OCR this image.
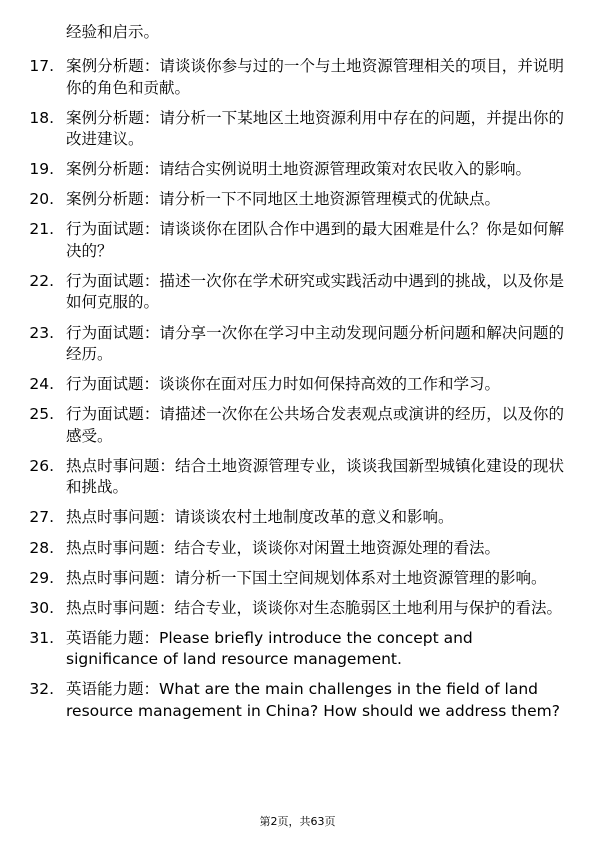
经验和启示。
17. 案例分析题：请谈谈你参与过的一个与土地资源管理相关的项目，并说明你的角色和贡献。
18. 案例分析题：请分析一下某地区土地资源利用中存在的问题，并提出你的改进建议。
19. 案例分析题：请结合实例说明土地资源管理政策对农民收入的影响。
20. 案例分析题：请分析一下不同地区土地资源管理模式的优缺点。
21. 行为面试题：请谈谈你在团队合作中遇到的最大困难是什么？你是如何解决的？
22. 行为面试题：描述一次你在学术研究或实践活动中遇到的挑战，以及你是如何克服的。
23. 行为面试题：请分享一次你在学习中主动发现问题分析问题和解决问题的经历。
24. 行为面试题：谈谈你在面对压力时如何保持高效的工作和学习。
25. 行为面试题：请描述一次你在公共场合发表观点或演讲的经历，以及你的感受。
26. 热点时事问题：结合土地资源管理专业，谈谈我国新型城镇化建设的现状和挑战。
27. 热点时事问题：请谈谈农村土地制度改革的意义和影响。
28. 热点时事问题：结合专业，谈谈你对闲置土地资源处理的看法。
29. 热点时事问题：请分析一下国土空间规划体系对土地资源管理的影响。
30. 热点时事问题：结合专业，谈谈你对生态脆弱区土地利用与保护的看法。
31. 英语能力题：Please briefly introduce the concept and significance of land resource management.
32. 英语能力题：What are the main challenges in the field of land resource management in China? How should we address them?
第2页，共63页
